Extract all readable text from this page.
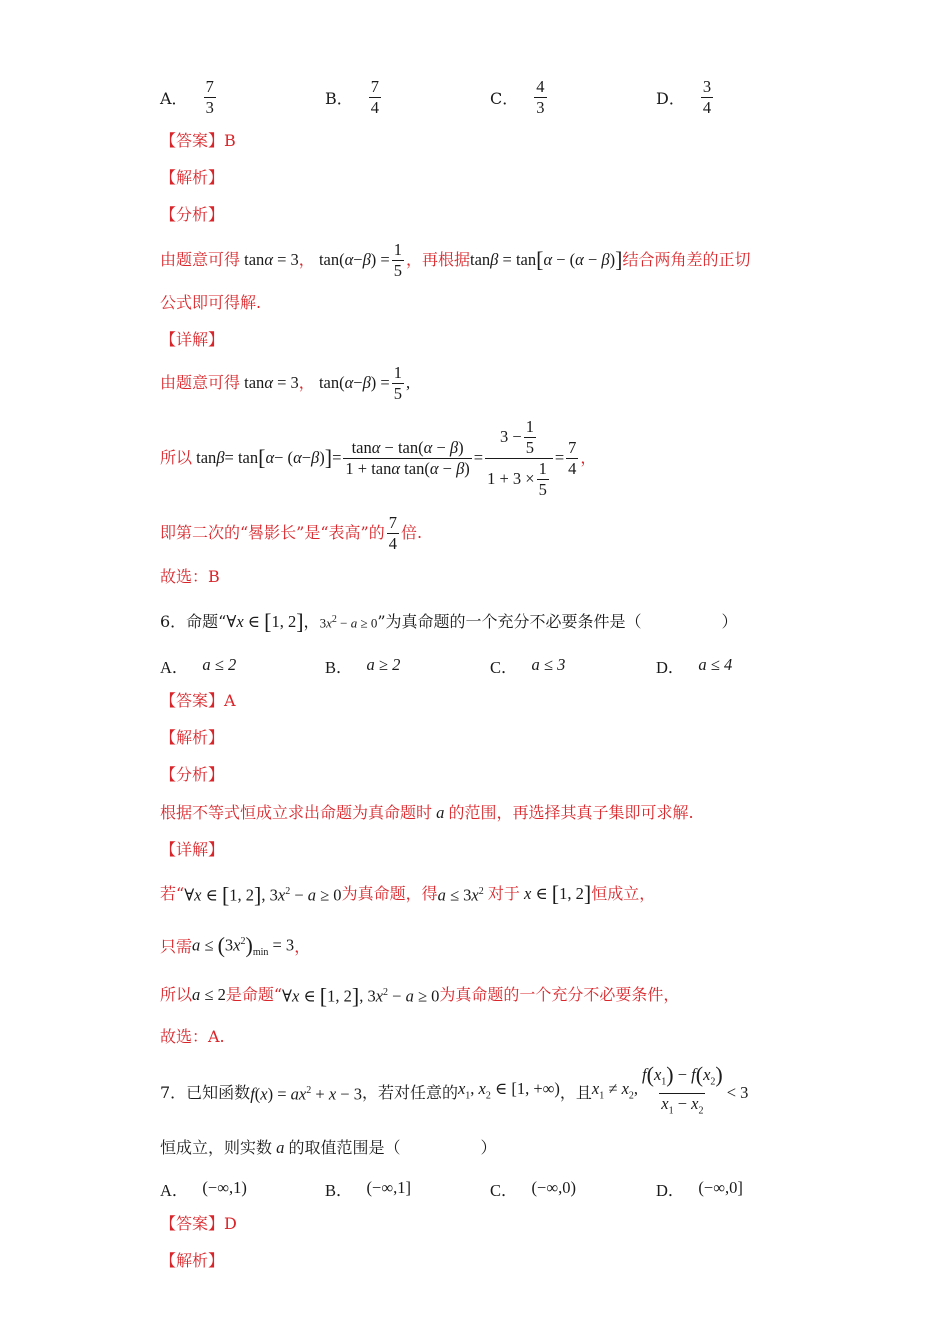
A． $\frac{7}{3}$	B． $\frac{7}{4}$	C． $\frac{4}{3}$	D． $\frac{3}{4}$
【答案】B
【解析】
【分析】
由题意可得 tanα = 3 ， tan( α − β ) = $\frac{1}{5}$ ，再根据 tanβ = tan[α − (α − β)] 结合两角差的正切
公式即可得解.
【详解】
由题意可得 tanα = 3 ， tan( α − β ) = $\frac{1}{5}$ ,
所以 tan β = tan [ α − ( α − β ) ] = $\frac{\tan\alpha - \tan(\alpha - \beta)}{\text{1 + tanα tan(α − β)}} = \frac{3 - \frac{1}{5}}{1 + 3 \times \frac{1}{5}} = \frac{7}{4}$ ，
即第二次的“晷影长”是“表高”的 $\frac{7}{4}$ 倍.
故选：B
6．命题“ ∀x ∈ [1, 2] ， $3x^2 - a \ge 0$ ”为真命题的一个充分不必要条件是（　　　　　）
A． a ≤ 2	B． a ≥ 2	C． a ≤ 3	D． a ≤ 4
【答案】A
【解析】
【分析】
根据不等式恒成立求出命题为真命题时 a 的范围，再选择其真子集即可求解.
【详解】
若“ ∀x ∈ [1, 2], $3x^2 - a \ge 0$ 为真命题，得 $a \le 3x^2$ 对于 x ∈ [1, 2] 恒成立，
只需 $a \le (3x^2)_{min} = 3$ ，
所以 a ≤ 2 是命题“ ∀x ∈ [1, 2], $3x^2 - a \ge 0$ 为真命题的一个充分不必要条件，
故选：A.
7．已知函数 $f(x) = ax^2 + x - 3$ ，若对任意的 $x_1$, $x_2$ ∈ [1, +∞) ，且 $x_1 \ne x_2$, $\frac{f(x_1) - f(x_2)}{x_1 - x_2} < 3$
恒成立，则实数 a 的取值范围是（　　　　　）
A． (−∞,1)	B． (−∞,1]	C． (−∞,0)	D． (−∞,0]
【答案】D
【解析】
